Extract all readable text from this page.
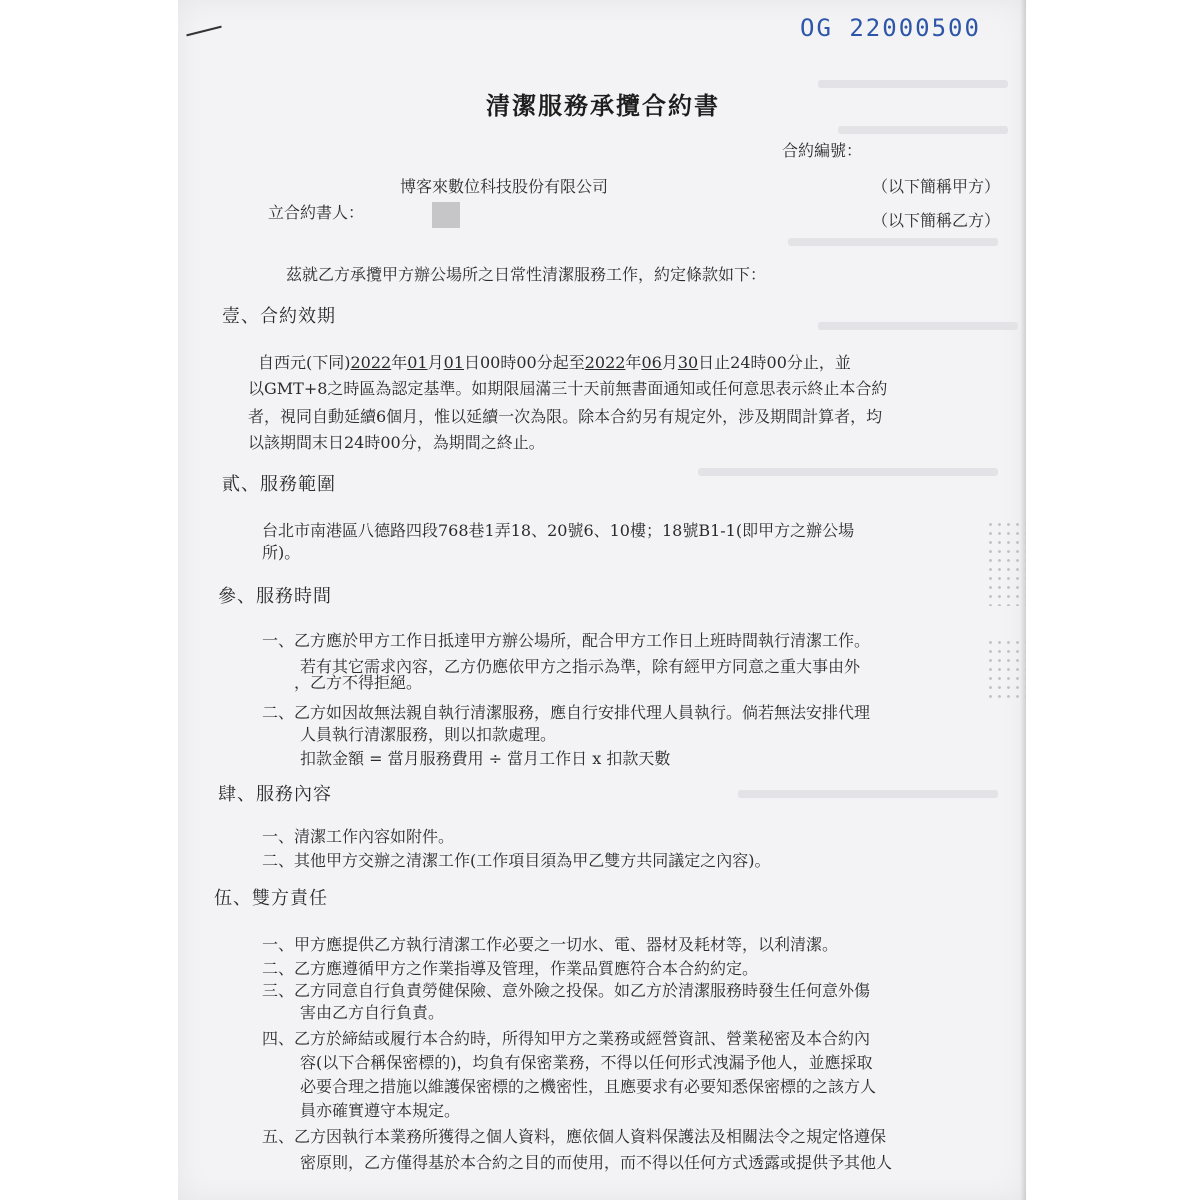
OG 22000500
清潔服務承攬合約書
合約編號：
博客來數位科技股份有限公司	（以下簡稱甲方）
立合約書人：	（以下簡稱乙方）
茲就乙方承攬甲方辦公場所之日常性清潔服務工作，約定條款如下：
壹、合約效期
自西元(下同)2022年01月01日00時00分起至2022年06月30日止24時00分止，並
以GMT+8之時區為認定基準。如期限屆滿三十天前無書面通知或任何意思表示終止本合約
者，視同自動延續6個月，惟以延續一次為限。除本合約另有規定外，涉及期間計算者，均
以該期間末日24時00分，為期間之終止。
貳、服務範圍
台北市南港區八德路四段768巷1弄18、20號6、10樓；18號B1-1(即甲方之辦公場
所)。
參、服務時間
一、乙方應於甲方工作日抵達甲方辦公場所，配合甲方工作日上班時間執行清潔工作。
若有其它需求內容，乙方仍應依甲方之指示為準，除有經甲方同意之重大事由外
，乙方不得拒絕。
二、乙方如因故無法親自執行清潔服務，應自行安排代理人員執行。倘若無法安排代理
人員執行清潔服務，則以扣款處理。
扣款金額 = 當月服務費用 ÷ 當月工作日 x 扣款天數
肆、服務內容
一、清潔工作內容如附件。
二、其他甲方交辦之清潔工作(工作項目須為甲乙雙方共同議定之內容)。
伍、雙方責任
一、甲方應提供乙方執行清潔工作必要之一切水、電、器材及耗材等，以利清潔。
二、乙方應遵循甲方之作業指導及管理，作業品質應符合本合約約定。
三、乙方同意自行負責勞健保險、意外險之投保。如乙方於清潔服務時發生任何意外傷
害由乙方自行負責。
四、乙方於締結或履行本合約時，所得知甲方之業務或經營資訊、營業秘密及本合約內
容(以下合稱保密標的)，均負有保密業務，不得以任何形式洩漏予他人，並應採取
必要合理之措施以維護保密標的之機密性，且應要求有必要知悉保密標的之該方人
員亦確實遵守本規定。
五、乙方因執行本業務所獲得之個人資料，應依個人資料保護法及相關法令之規定恪遵保
密原則，乙方僅得基於本合約之目的而使用，而不得以任何方式透露或提供予其他人
